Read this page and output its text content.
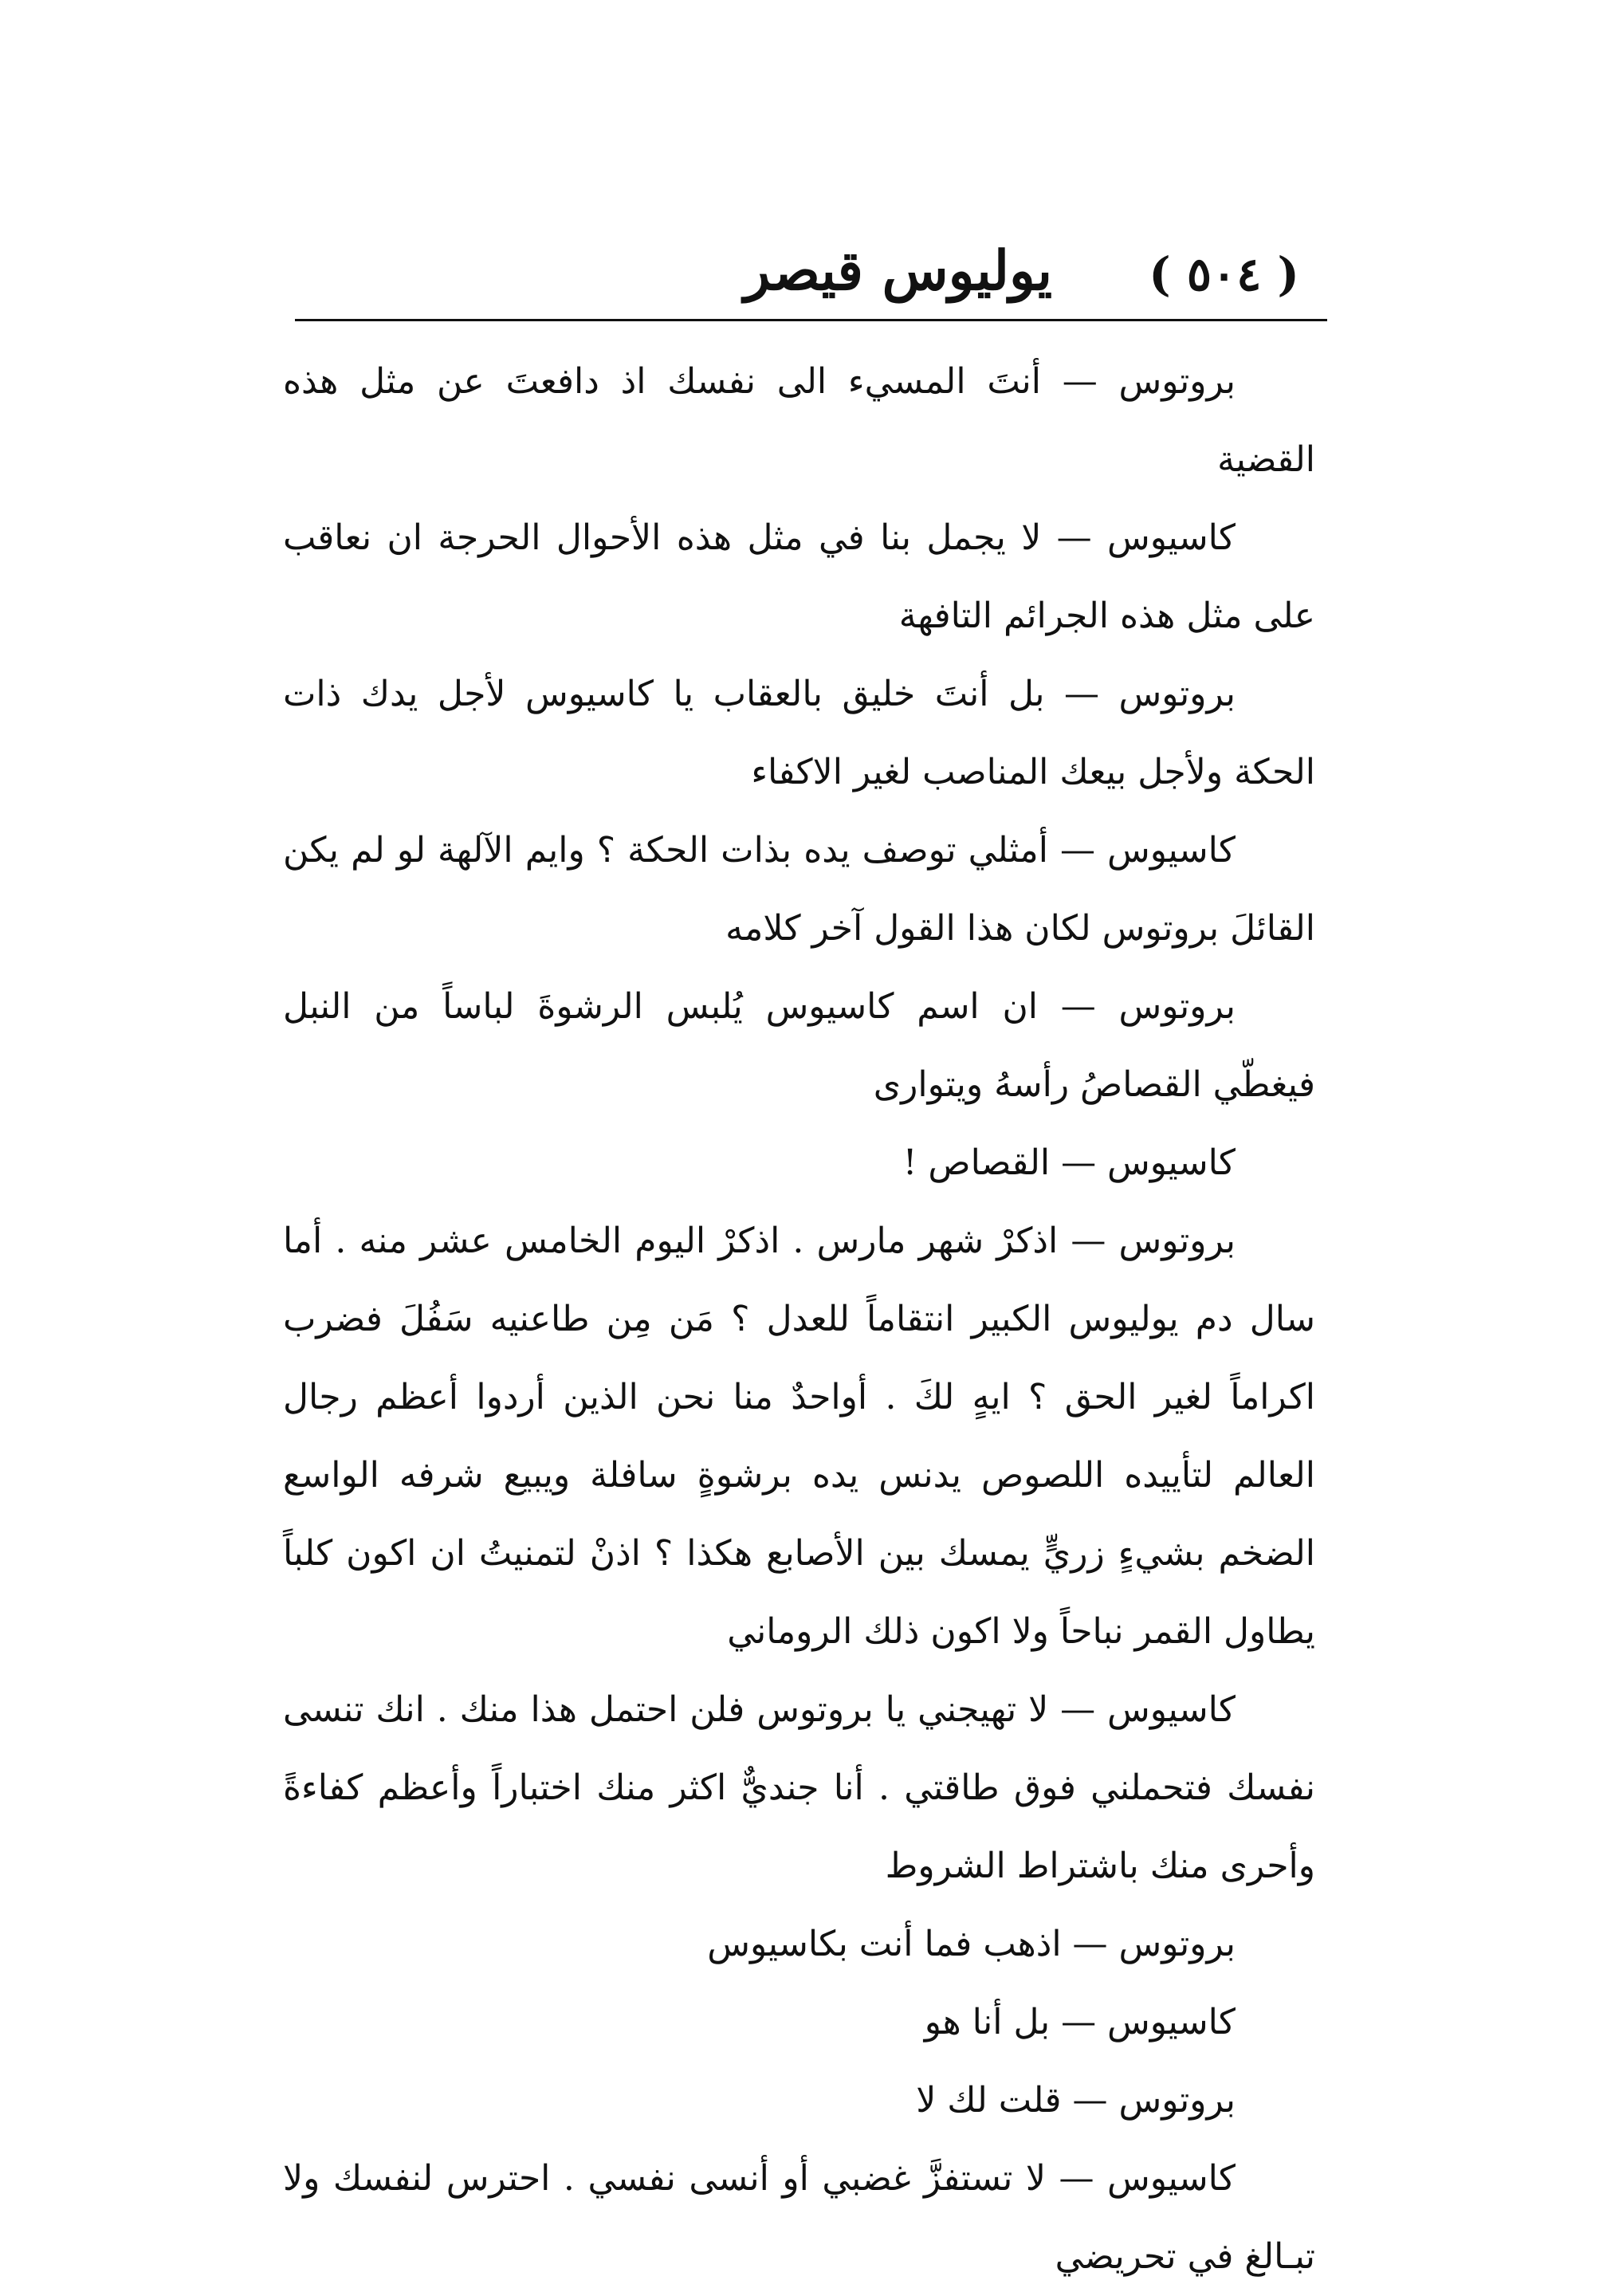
( ٥٠٤ )
يوليوس قيصر

بروتوس — أنتَ المسيء الى نفسك اذ دافعتَ عن مثل هذه القضية

كاسيوس — لا يجمل بنا في مثل هذه الأحوال الحرجة ان نعاقب على مثل هذه الجرائم التافهة

بروتوس — بل أنتَ خليق بالعقاب يا كاسيوس لأجل يدك ذات الحكة ولأجل بيعك المناصب لغير الاكفاء

كاسيوس — أمثلي توصف يده بذات الحكة ؟ وايم الآلهة لو لم يكن القائلَ بروتوس لكان هذا القول آخر كلامه

بروتوس — ان اسم كاسيوس يُلبس الرشوةَ لباساً من النبل فيغطّي القصاصُ رأسهُ ويتوارى

كاسيوس — القصاص !

بروتوس — اذكرْ شهر مارس . اذكرْ اليوم الخامس عشر منه . أما سال دم يوليوس الكبير انتقاماً للعدل ؟ مَن مِن طاعنيه سَفُلَ فضرب اكراماً لغير الحق ؟ ايهٍ لكَ . أواحدٌ منا نحن الذين أردوا أعظم رجال العالم لتأييده اللصوص يدنس يده برشوةٍ سافلة ويبيع شرفه الواسع الضخم بشيءٍ زريٍّ يمسك بين الأصابع هكذا ؟ اذنْ لتمنيتُ ان اكون كلباً يطاول القمر نباحاً ولا اكون ذلك الروماني

كاسيوس — لا تهيجني يا بروتوس فلن احتمل هذا منك . انك تنسى نفسك فتحملني فوق طاقتي . أنا جنديٌّ اكثر منك اختباراً وأعظم كفاءةً وأحرى منك باشتراط الشروط

بروتوس — اذهب فما أنت بكاسيوس

كاسيوس — بل أنا هو

بروتوس — قلت لك لا

كاسيوس — لا تستفزَّ غضبي أو أنسى نفسي . احترس لنفسك ولا تبـالغ في تحريضي
